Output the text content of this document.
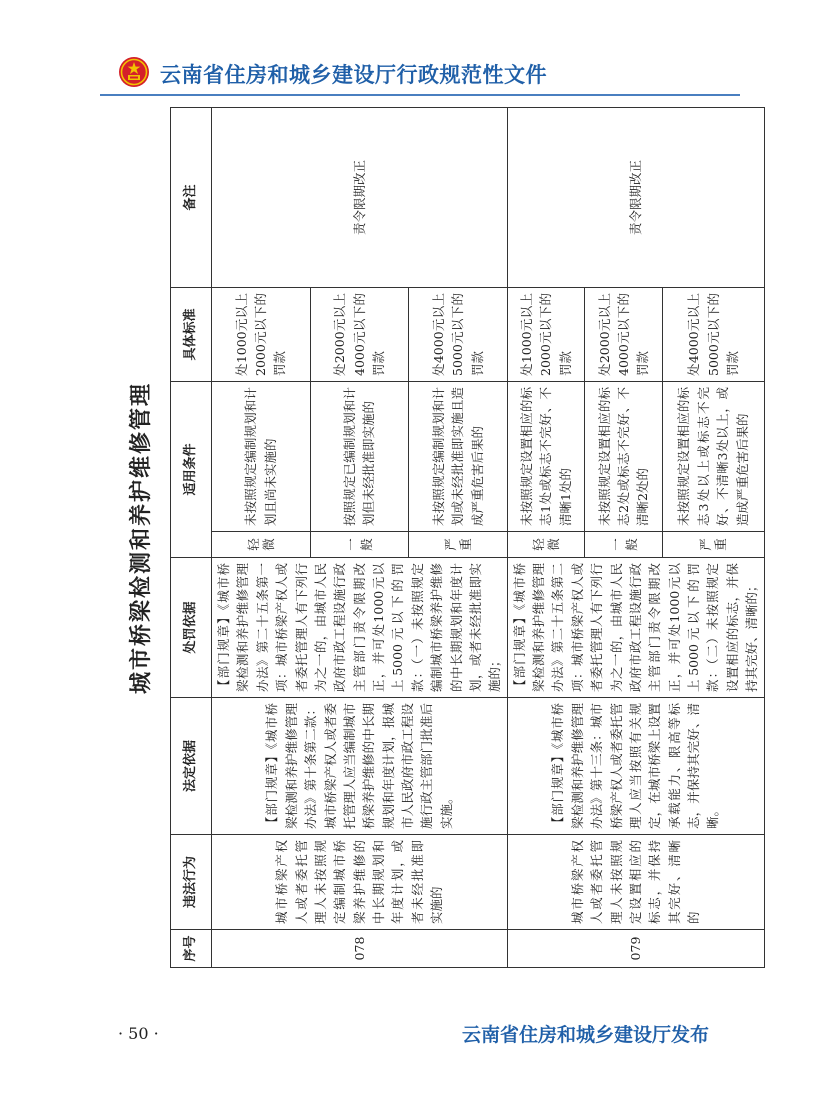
云南省住房和城乡建设厅行政规范性文件
城市桥梁检测和养护维修管理
序号	违法行为	法定依据	处罚依据	适用条件		具体标准	备注
078	城市桥梁产权人或者委托管理人未按照规定编制城市桥梁养护维修的中长期规划和年度计划，或者未经批准即实施的	【部门规章】《城市桥梁检测和养护维修管理办法》第十条第二款：城市桥梁产权人或者委托管理人应当编制城市桥梁养护维修的中长期规划和年度计划，报城市人民政府市政工程设施行政主管部门批准后实施。	【部门规章】《城市桥梁检测和养护维修管理办法》第二十五条第一项：城市桥梁产权人或者委托管理人有下列行为之一的，由城市人民政府市政工程设施行政主管部门责令限期改正，并可处1000元以上5000元以下的罚款：（一）未按照规定编制城市桥梁养护维修的中长期规划和年度计划，或者未经批准即实施的；	轻微	未按照规定编制规划和计划且尚未实施的	处1000元以上2000元以下的罚款	责令限期改正
				一般	按照规定已编制规划和计划但未经批准即实施的	处2000元以上4000元以下的罚款	
				严重	未按照规定编制规划和计划或未经批准即实施且造成严重危害后果的	处4000元以上5000元以下的罚款	
079	城市桥梁产权人或者委托管理人未按照规定设置相应的标志，并保持其完好、清晰的	【部门规章】《城市桥梁检测和养护维修管理办法》第十三条：城市桥梁产权人或者委托管理人应当按照有关规定，在城市桥梁上设置承载能力、限高等标志，并保持其完好、清晰。	【部门规章】《城市桥梁检测和养护维修管理办法》第二十五条第二项：城市桥梁产权人或者委托管理人有下列行为之一的，由城市人民政府市政工程设施行政主管部门责令限期改正，并可处1000元以上5000元以下的罚款：（二）未按照规定设置相应的标志，并保持其完好、清晰的；	轻微	未按照规定设置相应的标志1处或标志不完好、不清晰1处的	处1000元以上2000元以下的罚款	责令限期改正
				一般	未按照规定设置相应的标志2处或标志不完好、不清晰2处的	处2000元以上4000元以下的罚款	
				严重	未按照规定设置相应的标志3处以上或标志不完好、不清晰3处以上，或造成严重危害后果的	处4000元以上5000元以下的罚款	
· 50 ·	云南省住房和城乡建设厅发布
